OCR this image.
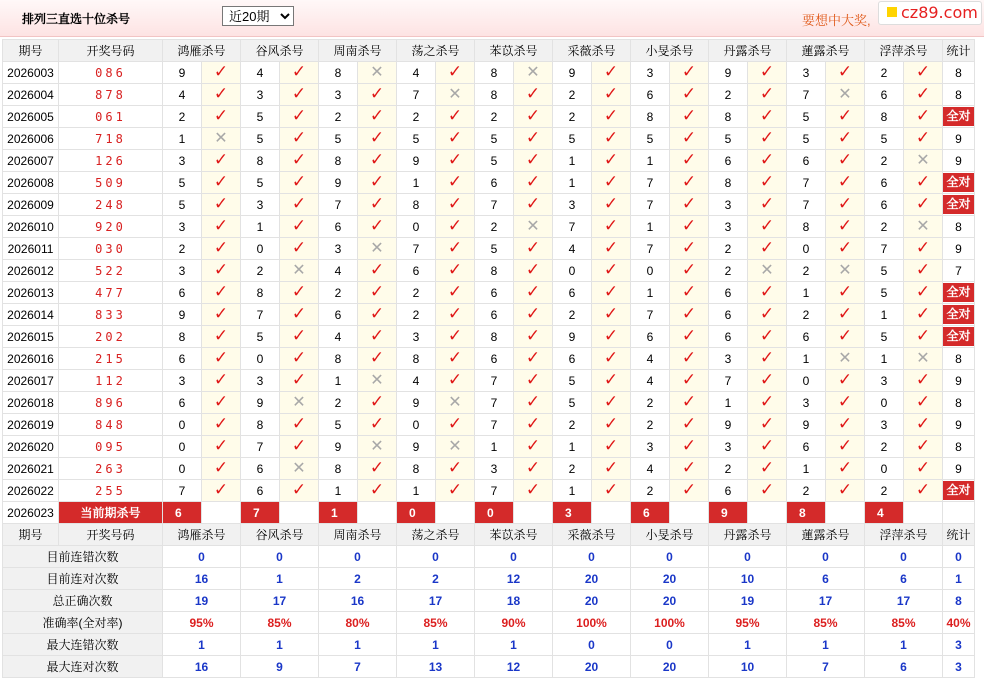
排列三直选十位杀号
近20期	要想中大奖, cz89.com
期号	开奖号码	鸿雁杀号		谷风杀号		周南杀号		荡之杀号		苯苡杀号		采薇杀号		小旻杀号		丹露杀号		蓮露杀号		浮萍杀号		统计
2026003	086	9	✓	4	✓	8	✕	4	✓	8	✕	9	✓	3	✓	9	✓	3	✓	2	✓	8
2026004	878	4	✓	3	✓	3	✓	7	✕	8	✓	2	✓	6	✓	2	✓	7	✕	6	✓	8
2026005	061	2	✓	5	✓	2	✓	2	✓	2	✓	2	✓	8	✓	8	✓	5	✓	8	✓	全对
2026006	718	1	✕	5	✓	5	✓	5	✓	5	✓	5	✓	5	✓	5	✓	5	✓	5	✓	9
2026007	126	3	✓	8	✓	8	✓	9	✓	5	✓	1	✓	1	✓	6	✓	6	✓	2	✕	9
2026008	509	5	✓	5	✓	9	✓	1	✓	6	✓	1	✓	7	✓	8	✓	7	✓	6	✓	全对
2026009	248	5	✓	3	✓	7	✓	8	✓	7	✓	3	✓	7	✓	3	✓	7	✓	6	✓	全对
2026010	920	3	✓	1	✓	6	✓	0	✓	2	✕	7	✓	1	✓	3	✓	8	✓	2	✕	8
2026011	030	2	✓	0	✓	3	✕	7	✓	5	✓	4	✓	7	✓	2	✓	0	✓	7	✓	9
2026012	522	3	✓	2	✕	4	✓	6	✓	8	✓	0	✓	0	✓	2	✕	2	✕	5	✓	7
2026013	477	6	✓	8	✓	2	✓	2	✓	6	✓	6	✓	1	✓	6	✓	1	✓	5	✓	全对
2026014	833	9	✓	7	✓	6	✓	2	✓	6	✓	2	✓	7	✓	6	✓	2	✓	1	✓	全对
2026015	202	8	✓	5	✓	4	✓	3	✓	8	✓	9	✓	6	✓	6	✓	6	✓	5	✓	全对
2026016	215	6	✓	0	✓	8	✓	8	✓	6	✓	6	✓	4	✓	3	✓	1	✕	1	✕	8
2026017	112	3	✓	3	✓	1	✕	4	✓	7	✓	5	✓	4	✓	7	✓	0	✓	3	✓	9
2026018	896	6	✓	9	✕	2	✓	9	✕	7	✓	5	✓	2	✓	1	✓	3	✓	0	✓	8
2026019	848	0	✓	8	✓	5	✓	0	✓	7	✓	2	✓	2	✓	9	✓	9	✓	3	✓	9
2026020	095	0	✓	7	✓	9	✕	9	✕	1	✓	1	✓	3	✓	3	✓	6	✓	2	✓	8
2026021	263	0	✓	6	✕	8	✓	8	✓	3	✓	2	✓	4	✓	2	✓	1	✓	0	✓	9
2026022	255	7	✓	6	✓	1	✓	1	✓	7	✓	1	✓	2	✓	6	✓	2	✓	2	✓	全对
2026023	当前期杀号	6		7		1		0		0		3		6		9		8		4		
期号	开奖号码	鸿雁杀号		谷风杀号		周南杀号		荡之杀号		苯苡杀号		采薇杀号		小旻杀号		丹露杀号		蓮露杀号		浮萍杀号		统计
目前连错次数		0		0		0		0		0		0		0		0		0		0		0
目前连对次数		16		1		2		2		12		20		20		10		6		6		1
总正确次数		19		17		16		17		18		20		20		19		17		17		8
准确率(全对率)		95%		85%		80%		85%		90%		100%		100%		95%		85%		85%		40%
最大连错次数		1		1		1		1		1		0		0		1		1		1		3
最大连对次数		16		9		7		13		12		20		20		10		7		6		3
